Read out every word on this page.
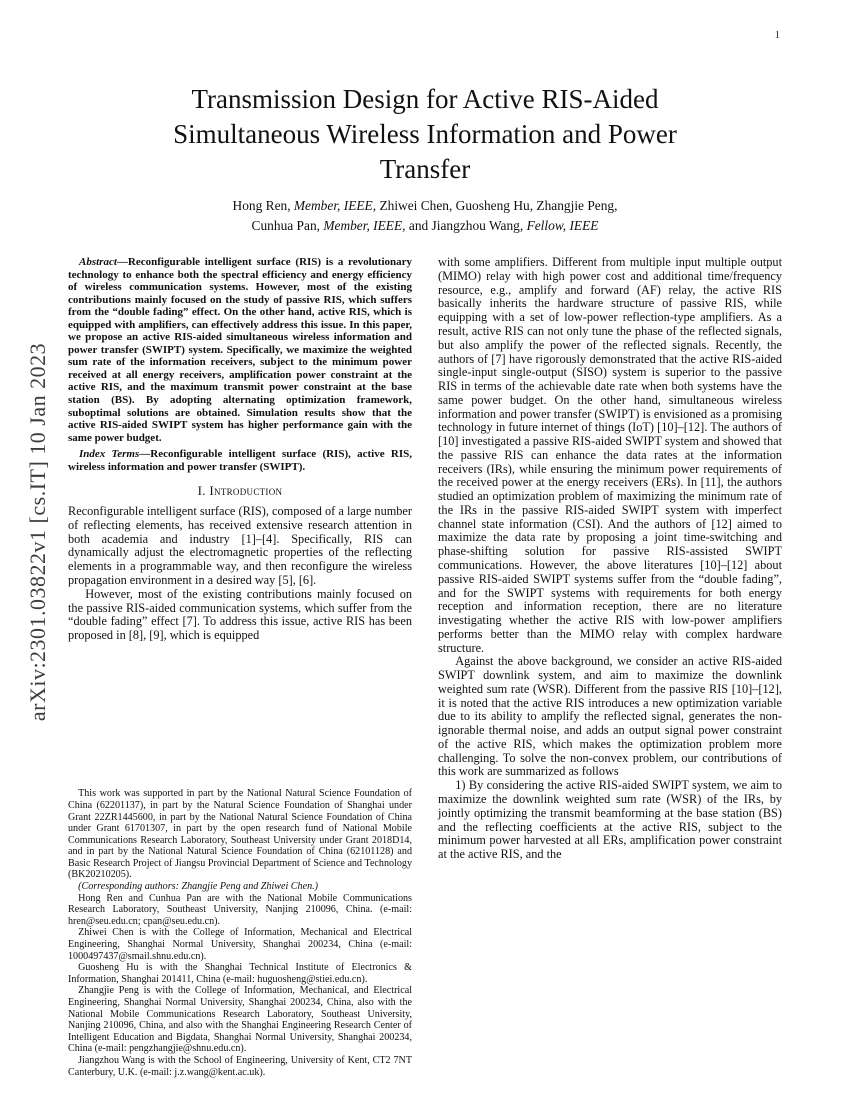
1
arXiv:2301.03822v1 [cs.IT] 10 Jan 2023
Transmission Design for Active RIS-Aided
Simultaneous Wireless Information and Power
Transfer
Hong Ren, Member, IEEE, Zhiwei Chen, Guosheng Hu, Zhangjie Peng,
Cunhua Pan, Member, IEEE, and Jiangzhou Wang, Fellow, IEEE

Abstract—Reconfigurable intelligent surface (RIS) is a revolutionary technology to enhance both the spectral efficiency and energy efficiency of wireless communication systems. However, most of the existing contributions mainly focused on the study of passive RIS, which suffers from the “double fading” effect. On the other hand, active RIS, which is equipped with amplifiers, can effectively address this issue. In this paper, we propose an active RIS-aided simultaneous wireless information and power transfer (SWIPT) system. Specifically, we maximize the weighted sum rate of the information receivers, subject to the minimum power received at all energy receivers, amplification power constraint at the active RIS, and the maximum transmit power constraint at the base station (BS). By adopting alternating optimization framework, suboptimal solutions are obtained. Simulation results show that the active RIS-aided SWIPT system has higher performance gain with the same power budget.

Index Terms—Reconfigurable intelligent surface (RIS), active RIS, wireless information and power transfer (SWIPT).

I. Introduction

Reconfigurable intelligent surface (RIS), composed of a large number of reflecting elements, has received extensive research attention in both academia and industry [1]–[4]. Specifically, RIS can dynamically adjust the electromagnetic properties of the reflecting elements in a programmable way, and then reconfigure the wireless propagation environment in a desired way [5], [6].

However, most of the existing contributions mainly focused on the passive RIS-aided communication systems, which suffer from the “double fading” effect [7]. To address this issue, active RIS has been proposed in [8], [9], which is equipped

This work was supported in part by the National Natural Science Foundation of China (62201137), in part by the Natural Science Foundation of Shanghai under Grant 22ZR1445600, in part by the National Natural Science Foundation of China under Grant 61701307, in part by the open research fund of National Mobile Communications Research Laboratory, Southeast University under Grant 2018D14, and in part by the National Natural Science Foundation of China (62101128) and Basic Research Project of Jiangsu Provincial Department of Science and Technology (BK20210205).

(Corresponding authors: Zhangjie Peng and Zhiwei Chen.)

Hong Ren and Cunhua Pan are with the National Mobile Communications Research Laboratory, Southeast University, Nanjing 210096, China. (e-mail: hren@seu.edu.cn; cpan@seu.edu.cn).

Zhiwei Chen is with the College of Information, Mechanical and Electrical Engineering, Shanghai Normal University, Shanghai 200234, China (e-mail: 1000497437@smail.shnu.edu.cn).

Guosheng Hu is with the Shanghai Technical Institute of Electronics & Information, Shanghai 201411, China (e-mail: huguosheng@stiei.edu.cn).

Zhangjie Peng is with the College of Information, Mechanical, and Electrical Engineering, Shanghai Normal University, Shanghai 200234, China, also with the National Mobile Communications Research Laboratory, Southeast University, Nanjing 210096, China, and also with the Shanghai Engineering Research Center of Intelligent Education and Bigdata, Shanghai Normal University, Shanghai 200234, China (e-mail: pengzhangjie@shnu.edu.cn).

Jiangzhou Wang is with the School of Engineering, University of Kent, CT2 7NT Canterbury, U.K. (e-mail: j.z.wang@kent.ac.uk).

with some amplifiers. Different from multiple input multiple output (MIMO) relay with high power cost and additional time/frequency resource, e.g., amplify and forward (AF) relay, the active RIS basically inherits the hardware structure of passive RIS, while equipping with a set of low-power reflection-type amplifiers. As a result, active RIS can not only tune the phase of the reflected signals, but also amplify the power of the reflected signals. Recently, the authors of [7] have rigorously demonstrated that the active RIS-aided single-input single-output (SISO) system is superior to the passive RIS in terms of the achievable date rate when both systems have the same power budget. On the other hand, simultaneous wireless information and power transfer (SWIPT) is envisioned as a promising technology in future internet of things (IoT) [10]–[12]. The authors of [10] investigated a passive RIS-aided SWIPT system and showed that the passive RIS can enhance the data rates at the information receivers (IRs), while ensuring the minimum power requirements of the received power at the energy receivers (ERs). In [11], the authors studied an optimization problem of maximizing the minimum rate of the IRs in the passive RIS-aided SWIPT system with imperfect channel state information (CSI). And the authors of [12] aimed to maximize the data rate by proposing a joint time-switching and phase-shifting solution for passive RIS-assisted SWIPT communications. However, the above literatures [10]–[12] about passive RIS-aided SWIPT systems suffer from the “double fading”, and for the SWIPT systems with requirements for both energy reception and information reception, there are no literature investigating whether the active RIS with low-power amplifiers performs better than the MIMO relay with complex hardware structure.

Against the above background, we consider an active RIS-aided SWIPT downlink system, and aim to maximize the downlink weighted sum rate (WSR). Different from the passive RIS [10]–[12], it is noted that the active RIS introduces a new optimization variable due to its ability to amplify the reflected signal, generates the non-ignorable thermal noise, and adds an output signal power constraint of the active RIS, which makes the optimization problem more challenging. To solve the non-convex problem, our contributions of this work are summarized as follows

1) By considering the active RIS-aided SWIPT system, we aim to maximize the downlink weighted sum rate (WSR) of the IRs, by jointly optimizing the transmit beamforming at the base station (BS) and the reflecting coefficients at the active RIS, subject to the minimum power harvested at all ERs, amplification power constraint at the active RIS, and the
